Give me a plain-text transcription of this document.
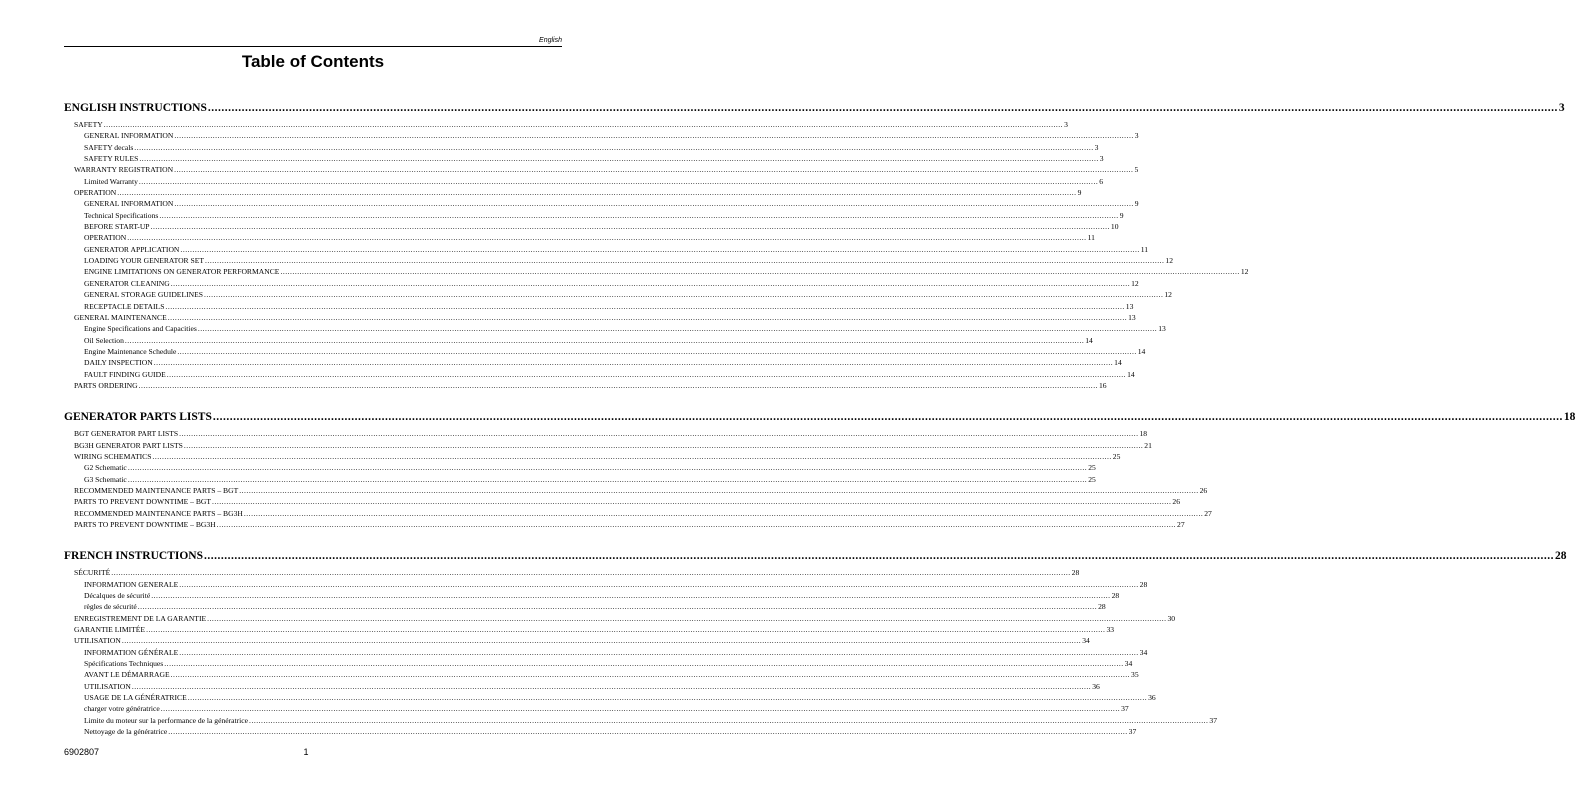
English
Table of Contents
ENGLISH INSTRUCTIONS ................................................................................................................................................................................................................................................................................................................................................................................................................ 3
SAFETY ................................................................................................................................................................................................................................................................................................................................................................................................................ 3
GENERAL INFORMATION ................................................................................................................................................................................................................................................................................................................................................................................................................ 3
SAFETY decals ................................................................................................................................................................................................................................................................................................................................................................................................................ 3
SAFETY RULES ................................................................................................................................................................................................................................................................................................................................................................................................................ 3
WARRANTY REGISTRATION ................................................................................................................................................................................................................................................................................................................................................................................................................ 5
Limited Warranty ................................................................................................................................................................................................................................................................................................................................................................................................................ 6
OPERATION ................................................................................................................................................................................................................................................................................................................................................................................................................ 9
GENERAL INFORMATION ................................................................................................................................................................................................................................................................................................................................................................................................................ 9
Technical Specifications ................................................................................................................................................................................................................................................................................................................................................................................................................ 9
BEFORE START-UP ................................................................................................................................................................................................................................................................................................................................................................................................................ 10
OPERATION ................................................................................................................................................................................................................................................................................................................................................................................................................ 11
GENERATOR APPLICATION ................................................................................................................................................................................................................................................................................................................................................................................................................ 11
LOADING YOUR GENERATOR SET ................................................................................................................................................................................................................................................................................................................................................................................................................ 12
ENGINE LIMITATIONS ON GENERATOR PERFORMANCE ................................................................................................................................................................................................................................................................................................................................................................................................................ 12
GENERATOR CLEANING ................................................................................................................................................................................................................................................................................................................................................................................................................ 12
GENERAL STORAGE GUIDELINES ................................................................................................................................................................................................................................................................................................................................................................................................................ 12
RECEPTACLE DETAILS ................................................................................................................................................................................................................................................................................................................................................................................................................ 13
GENERAL MAINTENANCE ................................................................................................................................................................................................................................................................................................................................................................................................................ 13
Engine Specifications and Capacities ................................................................................................................................................................................................................................................................................................................................................................................................................ 13
Oil Selection ................................................................................................................................................................................................................................................................................................................................................................................................................ 14
Engine Maintenance Schedule ................................................................................................................................................................................................................................................................................................................................................................................................................ 14
DAILY INSPECTION ................................................................................................................................................................................................................................................................................................................................................................................................................ 14
FAULT FINDING GUIDE ................................................................................................................................................................................................................................................................................................................................................................................................................ 14
PARTS ORDERING ................................................................................................................................................................................................................................................................................................................................................................................................................ 16
GENERATOR PARTS LISTS ................................................................................................................................................................................................................................................................................................................................................................................................................ 18
BGT GENERATOR PART LISTS ................................................................................................................................................................................................................................................................................................................................................................................................................ 18
BG3H GENERATOR PART LISTS ................................................................................................................................................................................................................................................................................................................................................................................................................ 21
WIRING SCHEMATICS ................................................................................................................................................................................................................................................................................................................................................................................................................ 25
G2 Schematic ................................................................................................................................................................................................................................................................................................................................................................................................................ 25
G3 Schematic ................................................................................................................................................................................................................................................................................................................................................................................................................ 25
RECOMMENDED MAINTENANCE PARTS – BGT ................................................................................................................................................................................................................................................................................................................................................................................................................ 26
PARTS TO PREVENT DOWNTIME – BGT ................................................................................................................................................................................................................................................................................................................................................................................................................ 26
RECOMMENDED MAINTENANCE PARTS – BG3H ................................................................................................................................................................................................................................................................................................................................................................................................................ 27
PARTS TO PREVENT DOWNTIME – BG3H ................................................................................................................................................................................................................................................................................................................................................................................................................ 27
FRENCH INSTRUCTIONS ................................................................................................................................................................................................................................................................................................................................................................................................................ 28
SÉCURITÉ ................................................................................................................................................................................................................................................................................................................................................................................................................ 28
INFORMATION GENERALE ................................................................................................................................................................................................................................................................................................................................................................................................................ 28
Décalques de sécurité ................................................................................................................................................................................................................................................................................................................................................................................................................ 28
règles de sécurité ................................................................................................................................................................................................................................................................................................................................................................................................................ 28
ENREGISTREMENT DE LA GARANTIE ................................................................................................................................................................................................................................................................................................................................................................................................................ 30
GARANTIE LIMITÉE ................................................................................................................................................................................................................................................................................................................................................................................................................ 33
UTILISATION ................................................................................................................................................................................................................................................................................................................................................................................................................ 34
INFORMATION GÉNÉRALE ................................................................................................................................................................................................................................................................................................................................................................................................................ 34
Spécifications Techniques ................................................................................................................................................................................................................................................................................................................................................................................................................ 34
AVANT LE DÉMARRAGE ................................................................................................................................................................................................................................................................................................................................................................................................................ 35
UTILISATION ................................................................................................................................................................................................................................................................................................................................................................................................................ 36
USAGE DE LA GÉNÉRATRICE ................................................................................................................................................................................................................................................................................................................................................................................................................ 36
charger votre génératrice ................................................................................................................................................................................................................................................................................................................................................................................................................ 37
Limite du moteur sur la performance de la génératrice ................................................................................................................................................................................................................................................................................................................................................................................................................ 37
Nettoyage de la génératrice ................................................................................................................................................................................................................................................................................................................................................................................................................ 37
6902807	1
